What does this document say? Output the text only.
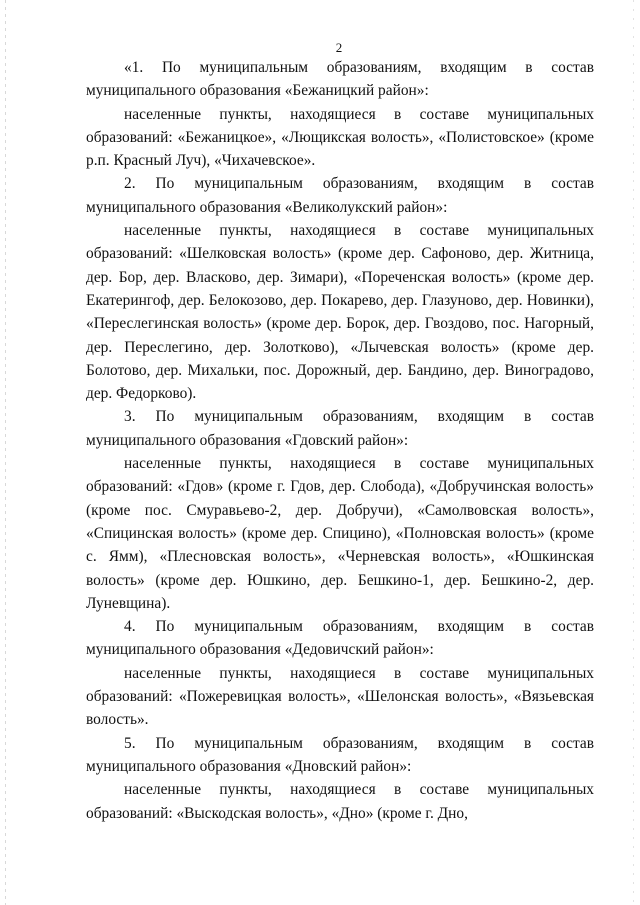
2

«1. По муниципальным образованиям, входящим в состав муниципального образования «Бежаницкий район»:

населенные пункты, находящиеся в составе муниципальных образований: «Бежаницкое», «Лющикская волость», «Полистовское» (кроме р.п. Красный Луч), «Чихачевское».

2. По муниципальным образованиям, входящим в состав муниципального образования «Великолукский район»:

населенные пункты, находящиеся в составе муниципальных образований: «Шелковская волость» (кроме дер. Сафоново, дер. Житница, дер. Бор, дер. Власково, дер. Зимари), «Пореченская волость» (кроме дер. Екатерингоф, дер. Белокозово, дер. Покарево, дер. Глазуново, дер. Новинки), «Переслегинская волость» (кроме дер. Борок, дер. Гвоздово, пос. Нагорный, дер. Переслегино, дер. Золотково), «Лычевская волость» (кроме дер. Болотово, дер. Михальки, пос. Дорожный, дер. Бандино, дер. Виноградово, дер. Федорково).

3. По муниципальным образованиям, входящим в состав муниципального образования «Гдовский район»:

населенные пункты, находящиеся в составе муниципальных образований: «Гдов» (кроме г. Гдов, дер. Слобода), «Добручинская волость» (кроме пос. Смуравьево-2, дер. Добручи), «Самолвовская волость», «Спицинская волость» (кроме дер. Спицино), «Полновская волость» (кроме с. Ямм), «Плесновская волость», «Черневская волость», «Юшкинская волость» (кроме дер. Юшкино, дер. Бешкино-1, дер. Бешкино-2, дер. Луневщина).

4. По муниципальным образованиям, входящим в состав муниципального образования «Дедовичский район»:

населенные пункты, находящиеся в составе муниципальных образований: «Пожеревицкая волость», «Шелонская волость», «Вязьевская волость».

5. По муниципальным образованиям, входящим в состав муниципального образования «Дновский район»:

населенные пункты, находящиеся в составе муниципальных образований: «Выскодская волость», «Дно» (кроме г. Дно,
